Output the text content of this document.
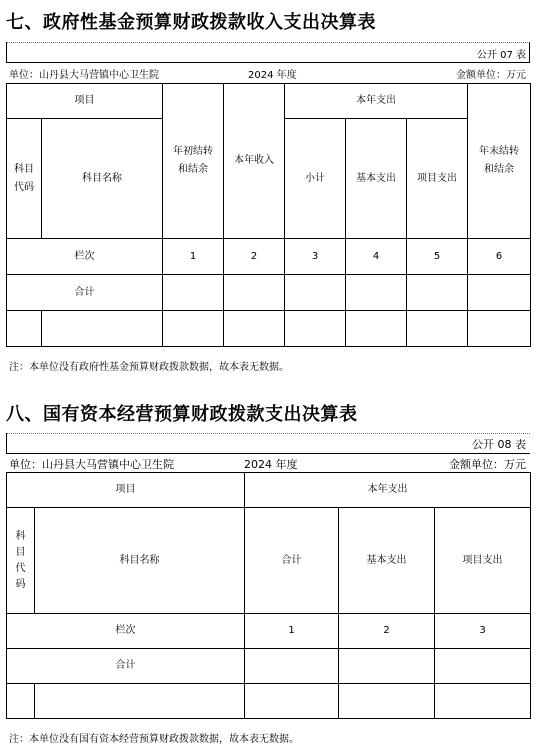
七、政府性基金预算财政拨款收入支出决算表
公开 07 表
单位：山丹县大马营镇中心卫生院	2024 年度	金额单位：万元
项目		年初结转和结余	本年收入	本年支出			年末结转和结余
科目代码	科目名称			小计	基本支出	项目支出	
栏次		1	2	3	4	5	6
合计							

注：本单位没有政府性基金预算财政拨款数据，故本表无数据。
八、国有资本经营预算财政拨款支出决算表
公开 08 表
单位：山丹县大马营镇中心卫生院	2024 年度	金额单位：万元
项目		本年支出		
科目代码	科目名称	合计	基本支出	项目支出
栏次		1	2	3
合计				

注：本单位没有国有资本经营预算财政拨款数据，故本表无数据。
